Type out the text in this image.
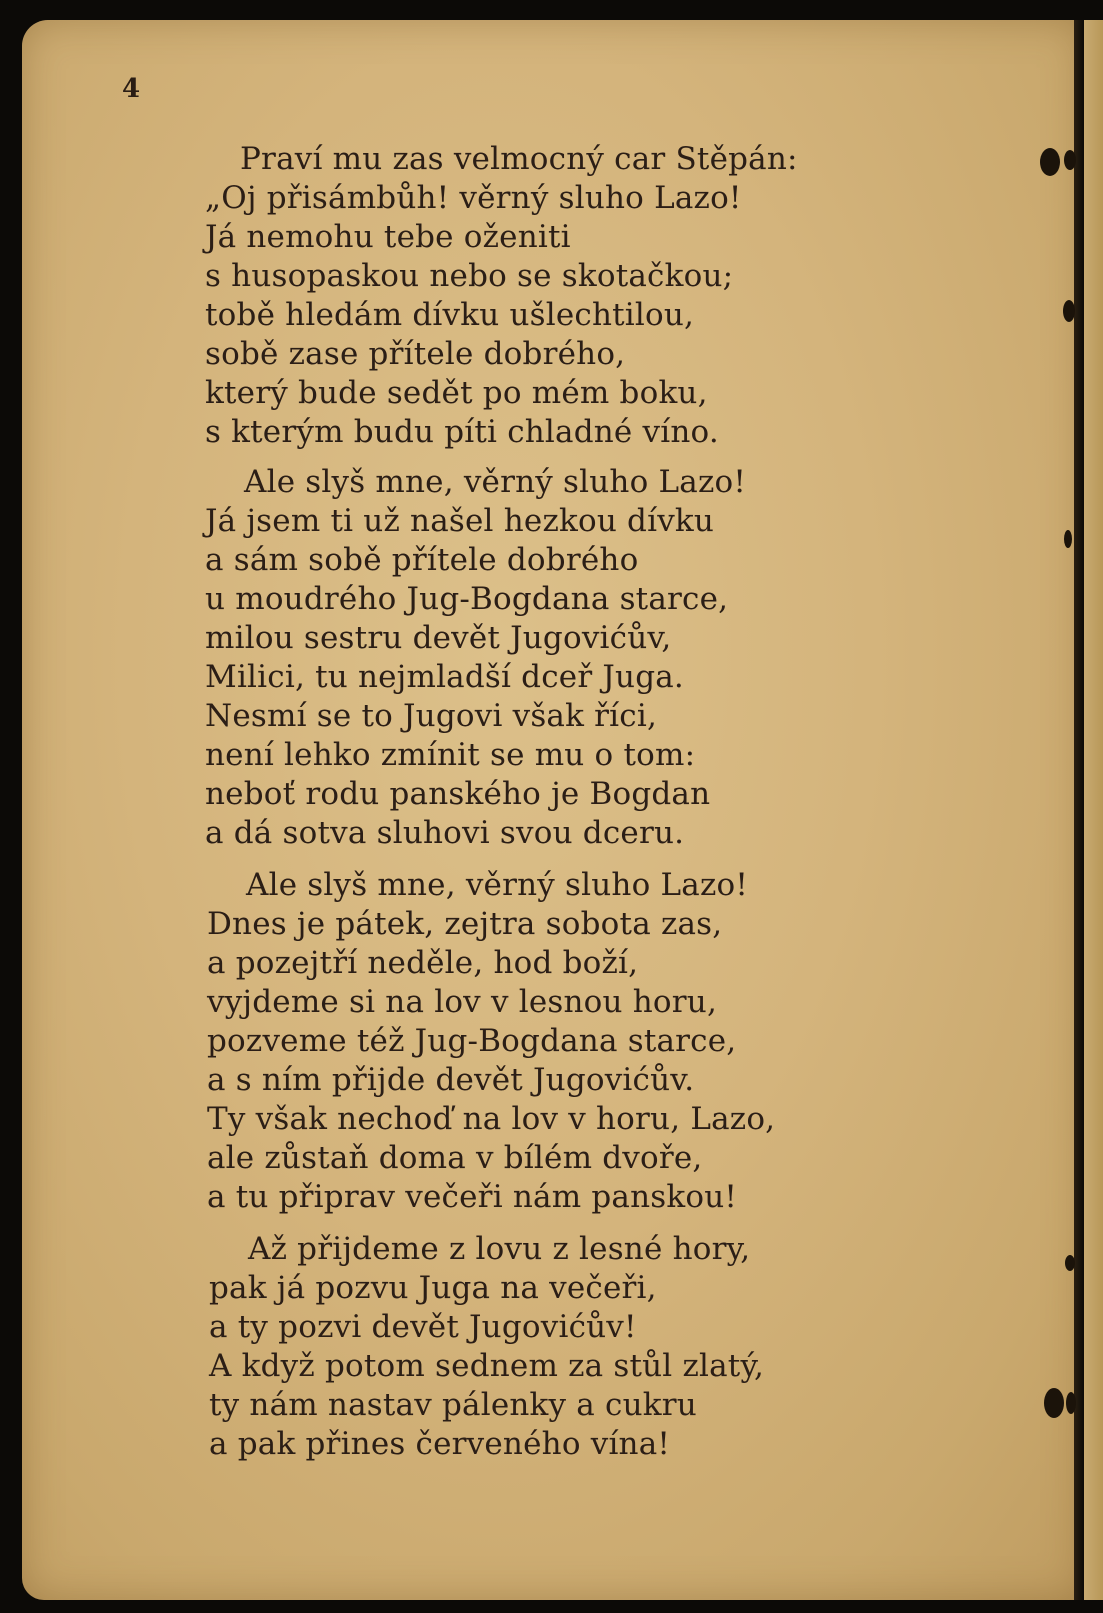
4
Praví mu zas velmocný car Stěpán:
„Oj přisámbůh! věrný sluho Lazo!
Já nemohu tebe oženiti
s husopaskou nebo se skotačkou;
tobě hledám dívku ušlechtilou,
sobě zase přítele dobrého,
který bude sedět po mém boku,
s kterým budu píti chladné víno.
Ale slyš mne, věrný sluho Lazo!
Já jsem ti už našel hezkou dívku
a sám sobě přítele dobrého
u moudrého Jug-Bogdana starce,
milou sestru devět Jugovićův,
Milici, tu nejmladší dceř Juga.
Nesmí se to Jugovi však říci,
není lehko zmínit se mu o tom:
neboť rodu panského je Bogdan
a dá sotva sluhovi svou dceru.
Ale slyš mne, věrný sluho Lazo!
Dnes je pátek, zejtra sobota zas,
a pozejtří neděle, hod boží,
vyjdeme si na lov v lesnou horu,
pozveme též Jug-Bogdana starce,
a s ním přijde devět Jugovićův.
Ty však nechoď na lov v horu, Lazo,
ale zůstaň doma v bílém dvoře,
a tu připrav večeři nám panskou!
Až přijdeme z lovu z lesné hory,
pak já pozvu Juga na večeři,
a ty pozvi devět Jugovićův!
A když potom sednem za stůl zlatý,
ty nám nastav pálenky a cukru
a pak přines červeného vína!
